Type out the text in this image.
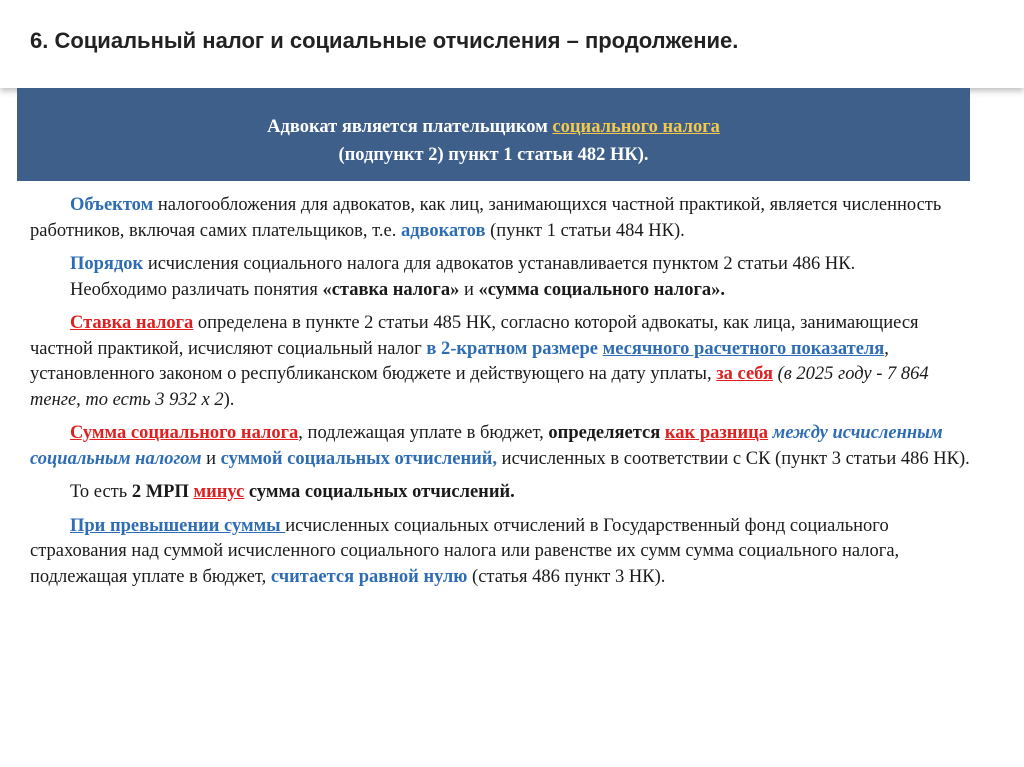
6. Социальный налог и социальные отчисления – продолжение.
Адвокат является плательщиком социального налога
(подпункт 2) пункт 1 статьи 482 НК).

Объектом налогообложения для адвокатов, как лиц, занимающихся частной практикой, является численность работников, включая самих плательщиков, т.е. адвокатов (пункт 1 статьи 484 НК).

Порядок исчисления социального налога для адвокатов устанавливается пунктом 2 статьи 486 НК.

Необходимо различать понятия «ставка налога» и «сумма социального налога».

Ставка налога определена в пункте 2 статьи 485 НК, согласно которой адвокаты, как лица, занимающиеся частной практикой, исчисляют социальный налог в 2-кратном размере месячного расчетного показателя, установленного законом о республиканском бюджете и действующего на дату уплаты, за себя (в 2025 году - 7 864 тенге, то есть 3 932 х 2).

Сумма социального налога, подлежащая уплате в бюджет, определяется как разница между исчисленным социальным налогом и суммой социальных отчислений, исчисленных в соответствии с СК (пункт 3 статьи 486 НК).

То есть 2 МРП минус сумма социальных отчислений.

При превышении суммы исчисленных социальных отчислений в Государственный фонд социального страхования над суммой исчисленного социального налога или равенстве их сумм сумма социального налога, подлежащая уплате в бюджет, считается равной нулю (статья 486 пункт 3 НК).
